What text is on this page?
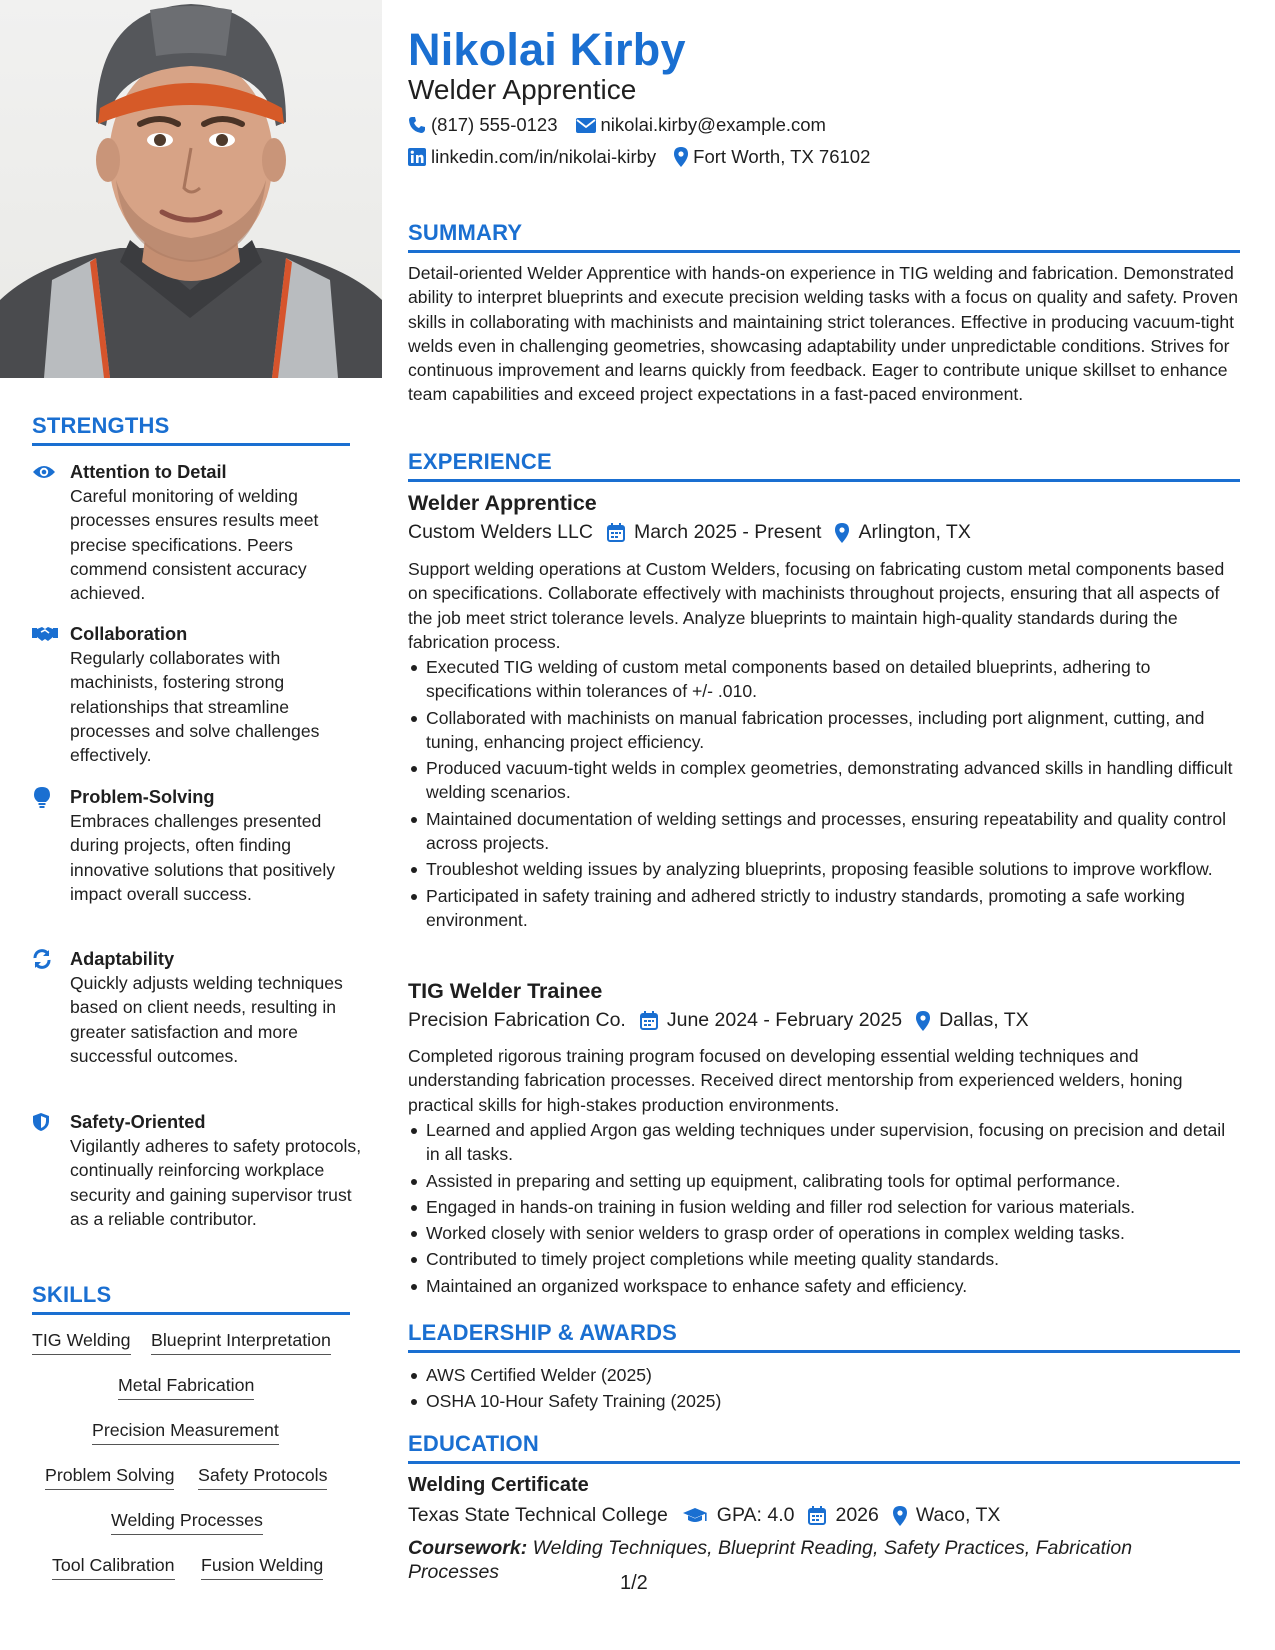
STRENGTHS
Attention to Detail
Careful monitoring of welding processes ensures results meet precise specifications. Peers commend consistent accuracy achieved.
Collaboration
Regularly collaborates with machinists, fostering strong relationships that streamline processes and solve challenges effectively.
Problem-Solving
Embraces challenges presented during projects, often finding innovative solutions that positively impact overall success.
Adaptability
Quickly adjusts welding techniques based on client needs, resulting in greater satisfaction and more successful outcomes.
Safety-Oriented
Vigilantly adheres to safety protocols, continually reinforcing workplace security and gaining supervisor trust as a reliable contributor.
SKILLS
TIG Welding Blueprint Interpretation
Metal Fabrication
Precision Measurement
Problem Solving Safety Protocols
Welding Processes
Tool Calibration Fusion Welding
Nikolai Kirby
Welder Apprentice
(817) 555-0123 nikolai.kirby@example.com
linkedin.com/in/nikolai-kirby Fort Worth, TX 76102
SUMMARY
Detail-oriented Welder Apprentice with hands-on experience in TIG welding and fabrication. Demonstrated ability to interpret blueprints and execute precision welding tasks with a focus on quality and safety. Proven skills in collaborating with machinists and maintaining strict tolerances. Effective in producing vacuum-tight welds even in challenging geometries, showcasing adaptability under unpredictable conditions. Strives for continuous improvement and learns quickly from feedback. Eager to contribute unique skillset to enhance team capabilities and exceed project expectations in a fast-paced environment.
EXPERIENCE
Welder Apprentice
Custom Welders LLC March 2025 - Present Arlington, TX
Support welding operations at Custom Welders, focusing on fabricating custom metal components based on specifications. Collaborate effectively with machinists throughout projects, ensuring that all aspects of the job meet strict tolerance levels. Analyze blueprints to maintain high-quality standards during the fabrication process.
Executed TIG welding of custom metal components based on detailed blueprints, adhering to specifications within tolerances of +/- .010.
Collaborated with machinists on manual fabrication processes, including port alignment, cutting, and tuning, enhancing project efficiency.
Produced vacuum-tight welds in complex geometries, demonstrating advanced skills in handling difficult welding scenarios.
Maintained documentation of welding settings and processes, ensuring repeatability and quality control across projects.
Troubleshot welding issues by analyzing blueprints, proposing feasible solutions to improve workflow.
Participated in safety training and adhered strictly to industry standards, promoting a safe working environment.
TIG Welder Trainee
Precision Fabrication Co. June 2024 - February 2025 Dallas, TX
Completed rigorous training program focused on developing essential welding techniques and understanding fabrication processes. Received direct mentorship from experienced welders, honing practical skills for high-stakes production environments.
Learned and applied Argon gas welding techniques under supervision, focusing on precision and detail in all tasks.
Assisted in preparing and setting up equipment, calibrating tools for optimal performance.
Engaged in hands-on training in fusion welding and filler rod selection for various materials.
Worked closely with senior welders to grasp order of operations in complex welding tasks.
Contributed to timely project completions while meeting quality standards.
Maintained an organized workspace to enhance safety and efficiency.
LEADERSHIP & AWARDS
AWS Certified Welder (2025)
OSHA 10-Hour Safety Training (2025)
EDUCATION
Welding Certificate
Texas State Technical College	GPA: 4.0 2026 Waco, TX
Coursework: Welding Techniques, Blueprint Reading, Safety Practices, Fabrication Processes	1/2
